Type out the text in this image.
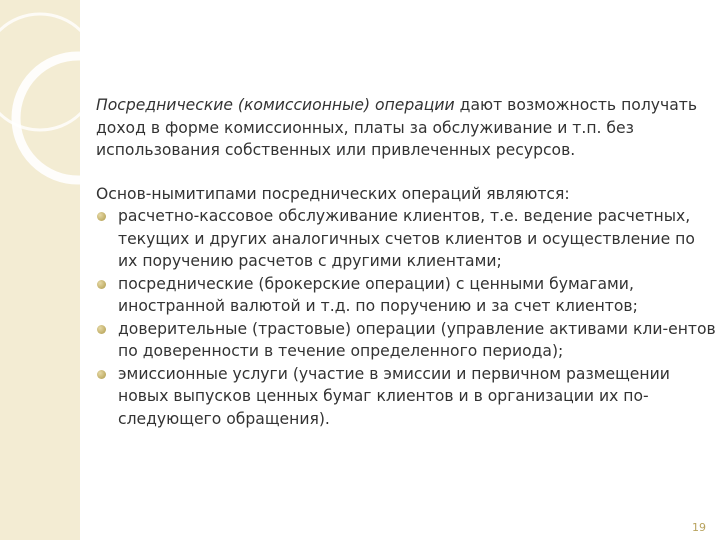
Посреднические (комиссионные) операции дают возможность получать доход в форме комиссионных, платы за обслуживание и т.п. без использования собственных или привлеченных ресурсов.

Основ-нымитипами посреднических операций являются:

расчетно-кассовое обслуживание клиентов, т.е. ведение расчетных, текущих и других аналогичных счетов клиентов и осуществление по их поручению расчетов с другими клиентами;
посреднические (брокерские операции) с ценными бумагами, иностранной валютой и т.д. по поручению и за счет клиентов;
доверительные (трастовые) операции (управление активами кли-ентов по доверенности в течение определенного периода);
эмиссионные услуги (участие в эмиссии и первичном размещении новых выпусков ценных бумаг клиентов и в организации их по-следующего обращения).
19
